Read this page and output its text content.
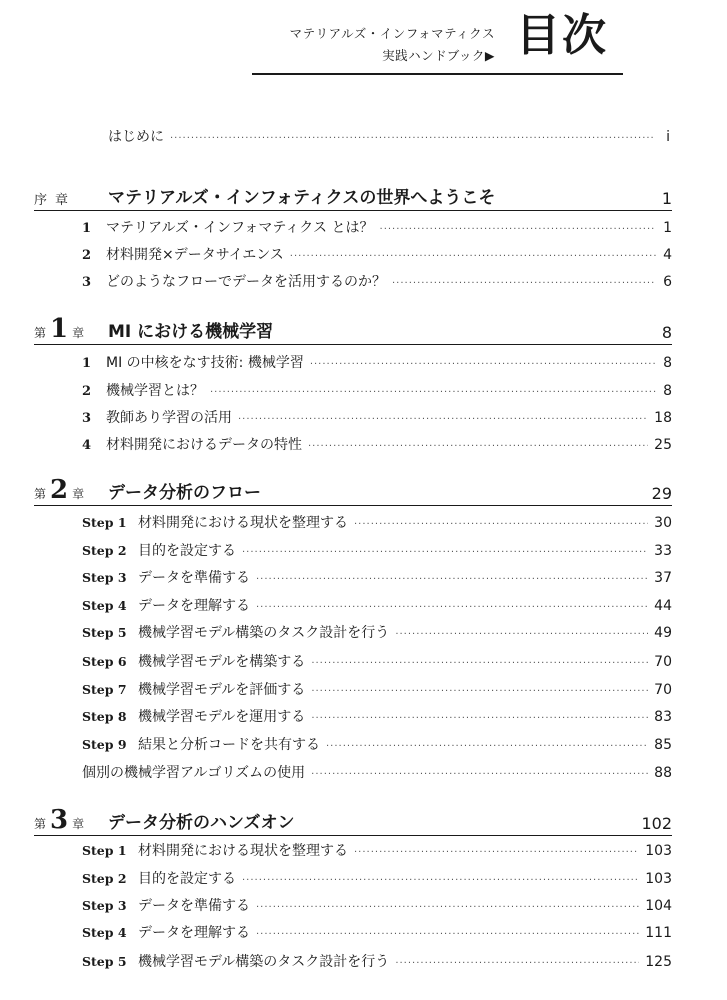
マテリアルズ・インフォマティクス
実践ハンドブック▶ 目次
はじめに ·····	i
序 章 マテリアルズ・インフォティクスの世界へようこそ	1
1	マテリアルズ・インフォマティクス とは？ ·····	1
2	材料開発×データサイエンス ·····	4
3	どのようなフローでデータを活用するのか？ ·····	6
第 1 章 MI における機械学習	8
1	MI の中核をなす技術: 機械学習 ·····	8
2	機械学習とは？ ·····	8
3	教師あり学習の活用 ·····	18
4	材料開発におけるデータの特性 ·····	25
第 2 章 データ分析のフロー	29
Step 1 材料開発における現状を整理する ·····	30
Step 2 目的を設定する ·····	33
Step 3 データを準備する ·····	37
Step 4 データを理解する ·····	44
Step 5 機械学習モデル構築のタスク設計を行う ·····	49
Step 6 機械学習モデルを構築する ·····	70
Step 7 機械学習モデルを評価する ·····	70
Step 8 機械学習モデルを運用する ·····	83
Step 9 結果と分析コードを共有する ·····	85
個別の機械学習アルゴリズムの使用 ·····	88
第 3 章 データ分析のハンズオン	102
Step 1 材料開発における現状を整理する ·····	103
Step 2 目的を設定する ·····	103
Step 3 データを準備する ·····	104
Step 4 データを理解する ·····	111
Step 5 機械学習モデル構築のタスク設計を行う ·····	125
